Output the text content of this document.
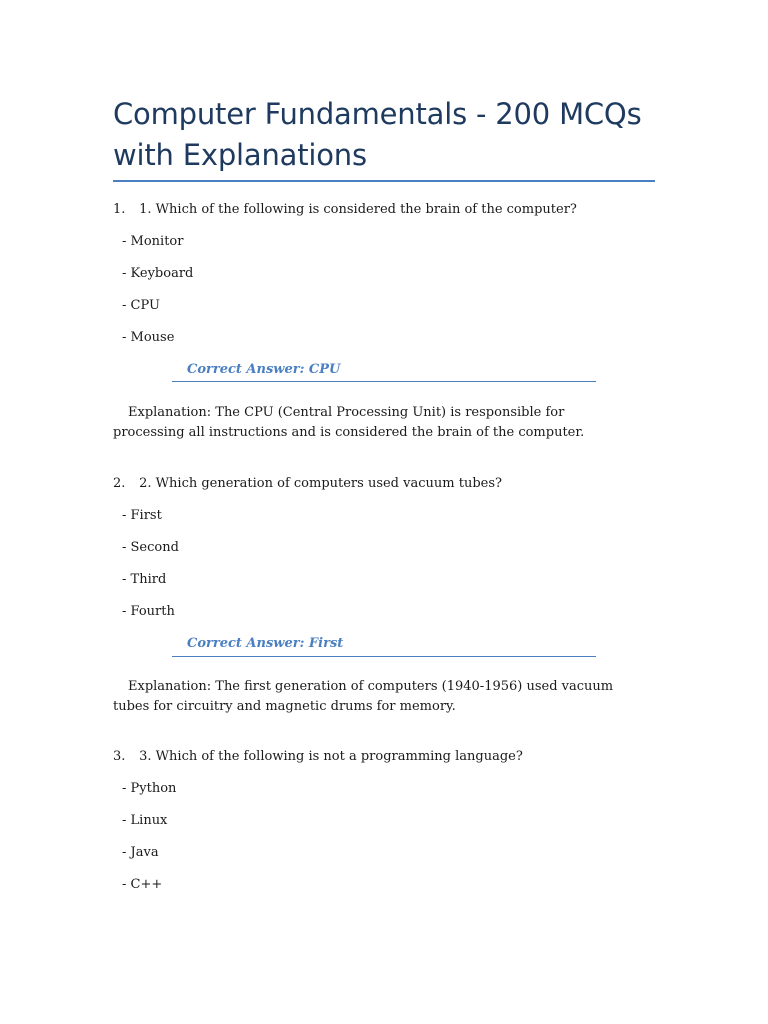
Computer Fundamentals - 200 MCQs with Explanations
1. 1. Which of the following is considered the brain of the computer?
- Monitor
- Keyboard
- CPU
- Mouse
Correct Answer: CPU
Explanation: The CPU (Central Processing Unit) is responsible for processing all instructions and is considered the brain of the computer.
2. 2. Which generation of computers used vacuum tubes?
- First
- Second
- Third
- Fourth
Correct Answer: First
Explanation: The first generation of computers (1940-1956) used vacuum tubes for circuitry and magnetic drums for memory.
3. 3. Which of the following is not a programming language?
- Python
- Linux
- Java
- C++
